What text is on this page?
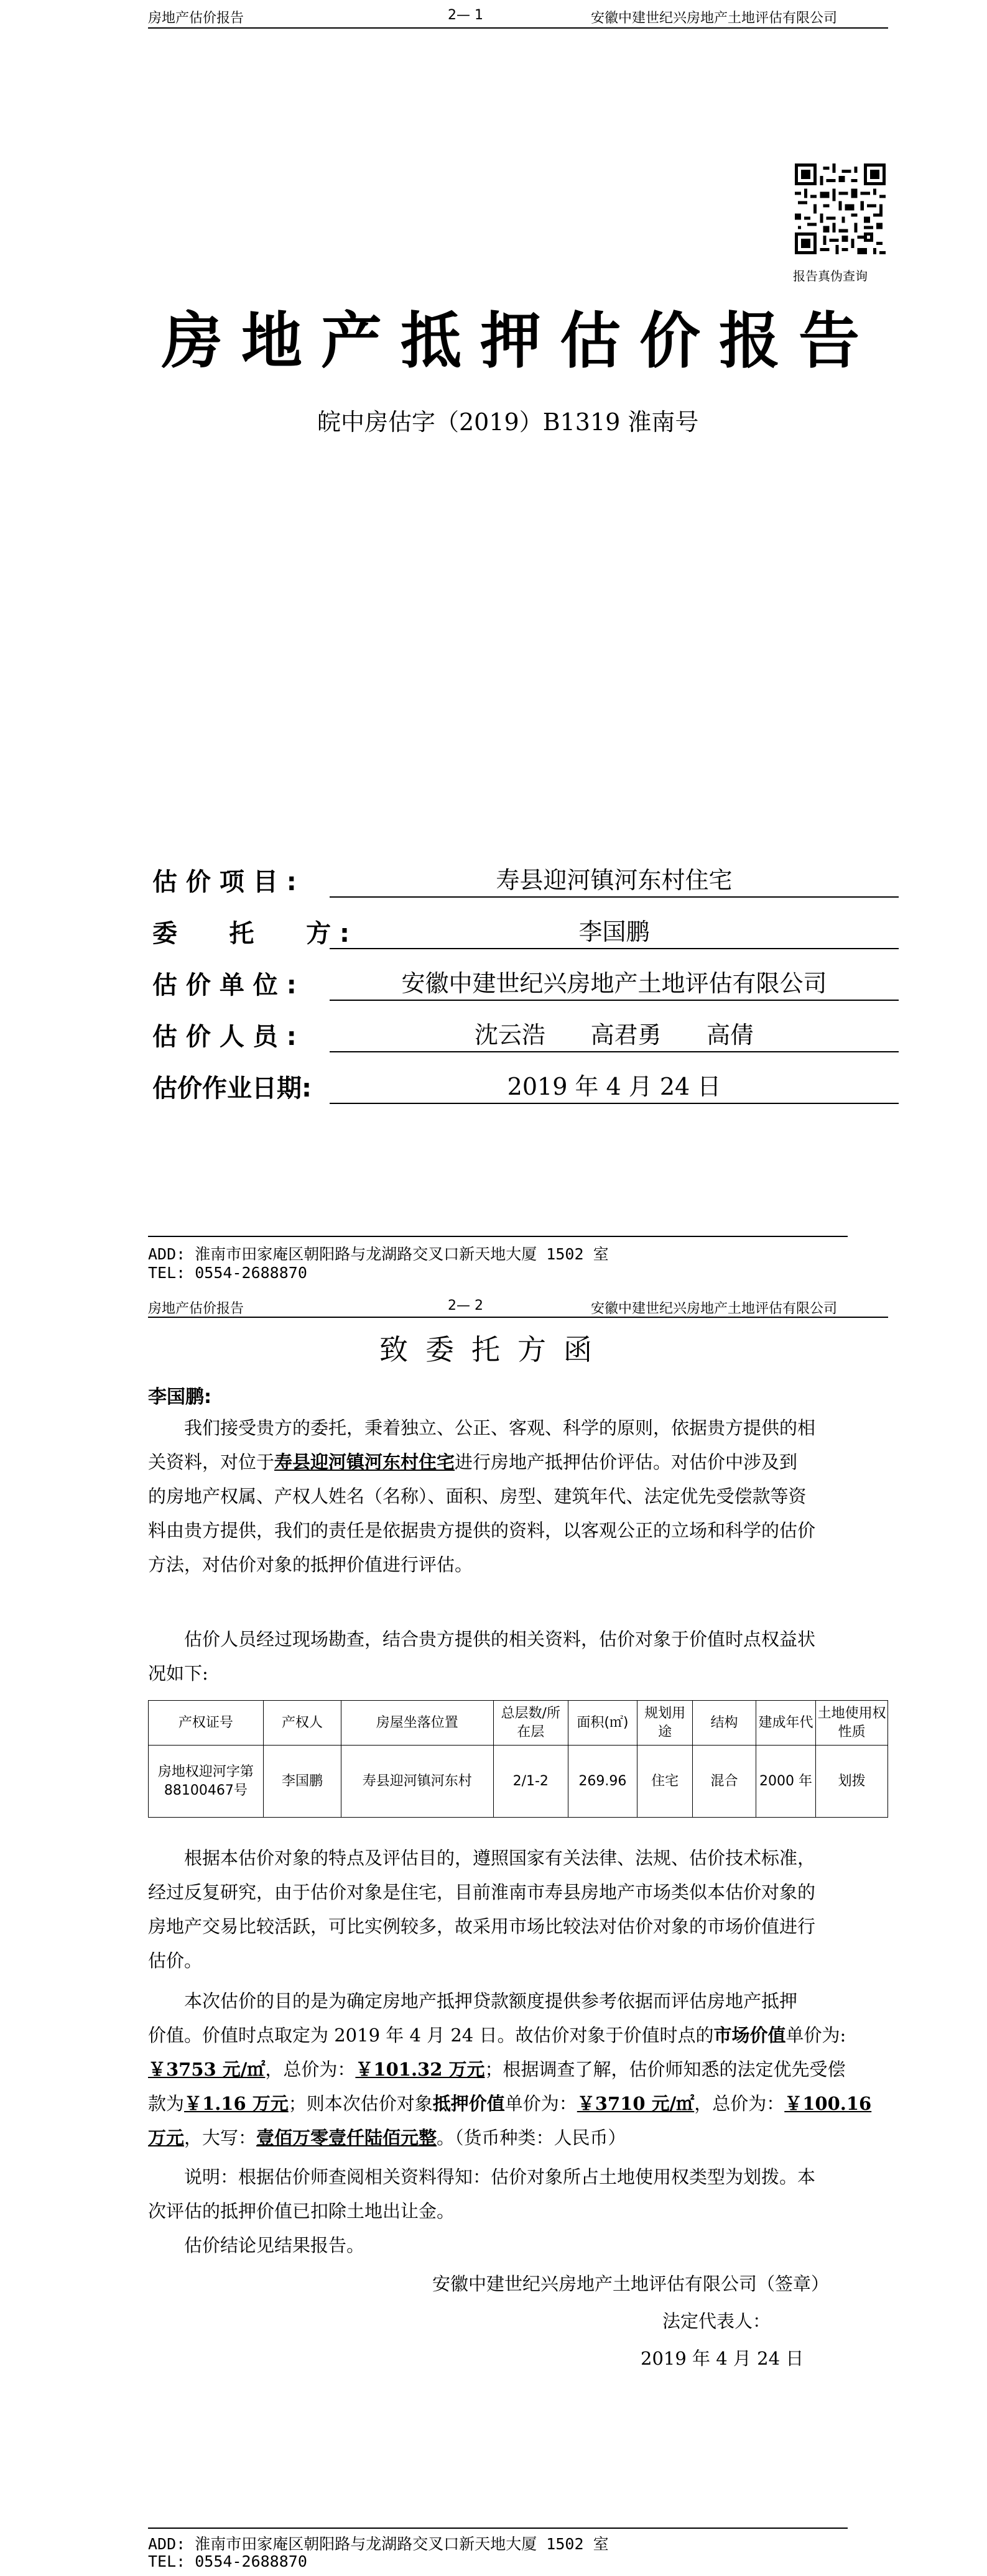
房地产估价报告	2— 1	安徽中建世纪兴房地产土地评估有限公司
报告真伪查询
房地产抵押估价报告
皖中房估字（2019）B1319 淮南号
估 价 项 目 :	寿县迎河镇河东村住宅
委      托      方 :	李国鹏
估 价 单 位 :	安徽中建世纪兴房地产土地评估有限公司
估 价 人 员 :	沈云浩      高君勇      高倩
估价作业日期:	2019 年 4 月 24 日
ADD: 淮南市田家庵区朝阳路与龙湖路交叉口新天地大厦 1502 室
TEL: 0554-2688870
房地产估价报告	2— 2	安徽中建世纪兴房地产土地评估有限公司
致委托方函
李国鹏:
我们接受贵方的委托，秉着独立、公正、客观、科学的原则，依据贵方提供的相
关资料，对位于寿县迎河镇河东村住宅进行房地产抵押估价评估。对估价中涉及到
的房地产权属、产权人姓名（名称）、面积、房型、建筑年代、法定优先受偿款等资
料由贵方提供，我们的责任是依据贵方提供的资料，以客观公正的立场和科学的估价
方法，对估价对象的抵押价值进行评估。
估价人员经过现场勘查，结合贵方提供的相关资料，估价对象于价值时点权益状
况如下:
产权证号	产权人	房屋坐落位置	总层数/所在层	面积(㎡)	规划用途	结构	建成年代	土地使用权性质
房地权迎河字第88100467号	李国鹏	寿县迎河镇河东村	2/1-2	269.96	住宅	混合	2000 年	划拨
根据本估价对象的特点及评估目的，遵照国家有关法律、法规、估价技术标准，
经过反复研究，由于估价对象是住宅，目前淮南市寿县房地产市场类似本估价对象的
房地产交易比较活跃，可比实例较多，故采用市场比较法对估价对象的市场价值进行
估价。
本次估价的目的是为确定房地产抵押贷款额度提供参考依据而评估房地产抵押
价值。价值时点取定为 2019 年 4 月 24 日。故估价对象于价值时点的市场价值单价为:
￥3753 元/㎡，总价为：￥101.32 万元；根据调查了解，估价师知悉的法定优先受偿
款为￥1.16 万元；则本次估价对象抵押价值单价为：￥3710 元/㎡，总价为：￥100.16
万元，大写：壹佰万零壹仟陆佰元整。（货币种类：人民币）
说明：根据估价师查阅相关资料得知：估价对象所占土地使用权类型为划拨。本
次评估的抵押价值已扣除土地出让金。
估价结论见结果报告。
安徽中建世纪兴房地产土地评估有限公司（签章）
法定代表人：
2019 年 4 月 24 日
ADD: 淮南市田家庵区朝阳路与龙湖路交叉口新天地大厦 1502 室
TEL: 0554-2688870
